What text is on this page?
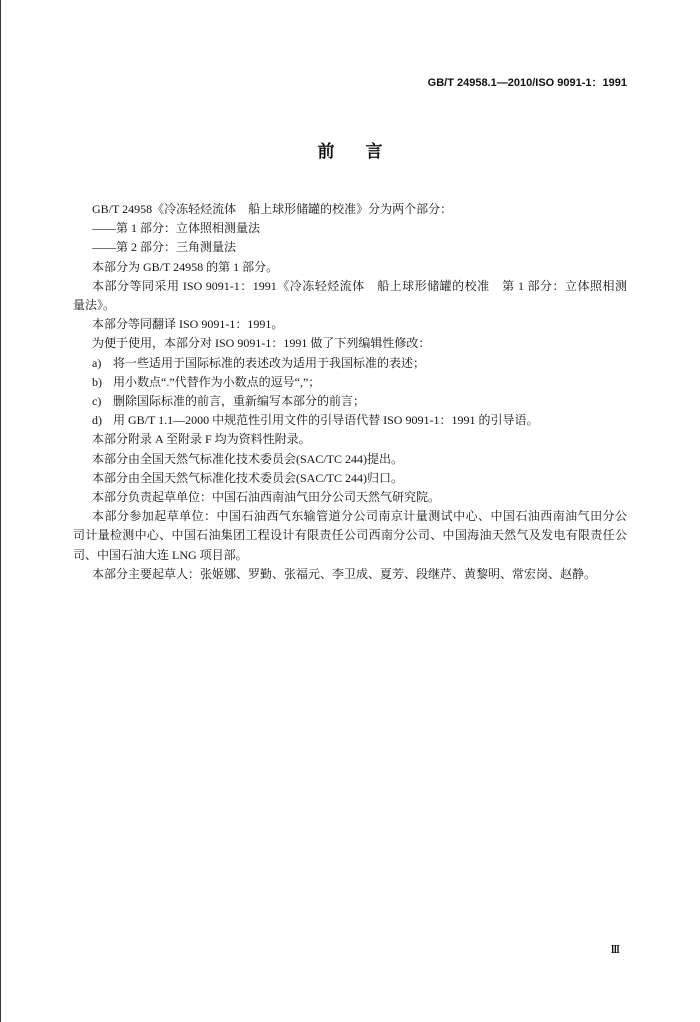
GB/T 24958.1—2010/ISO 9091-1：1991
前　言
GB/T 24958《冷冻轻烃流体　船上球形储罐的校准》分为两个部分：
——第 1 部分：立体照相测量法
——第 2 部分：三角测量法
本部分为 GB/T 24958 的第 1 部分。
本部分等同采用 ISO 9091-1：1991《冷冻轻烃流体　船上球形储罐的校准　第 1 部分：立体照相测
量法》。
本部分等同翻译 ISO 9091-1：1991。
为便于使用，本部分对 ISO 9091-1：1991 做了下列编辑性修改：
a) 将一些适用于国际标准的表述改为适用于我国标准的表述；
b) 用小数点“.”代替作为小数点的逗号“,”；
c) 删除国际标准的前言，重新编写本部分的前言；
d) 用 GB/T 1.1—2000 中规范性引用文件的引导语代替 ISO 9091-1：1991 的引导语。
本部分附录 A 至附录 F 均为资料性附录。
本部分由全国天然气标准化技术委员会(SAC/TC 244)提出。
本部分由全国天然气标准化技术委员会(SAC/TC 244)归口。
本部分负责起草单位：中国石油西南油气田分公司天然气研究院。
本部分参加起草单位：中国石油西气东输管道分公司南京计量测试中心、中国石油西南油气田分公
司计量检测中心、中国石油集团工程设计有限责任公司西南分公司、中国海油天然气及发电有限责任公
司、中国石油大连 LNG 项目部。
本部分主要起草人：张姬娜、罗勤、张福元、李卫成、夏芳、段继芹、黄黎明、常宏岗、赵静。
Ⅲ
